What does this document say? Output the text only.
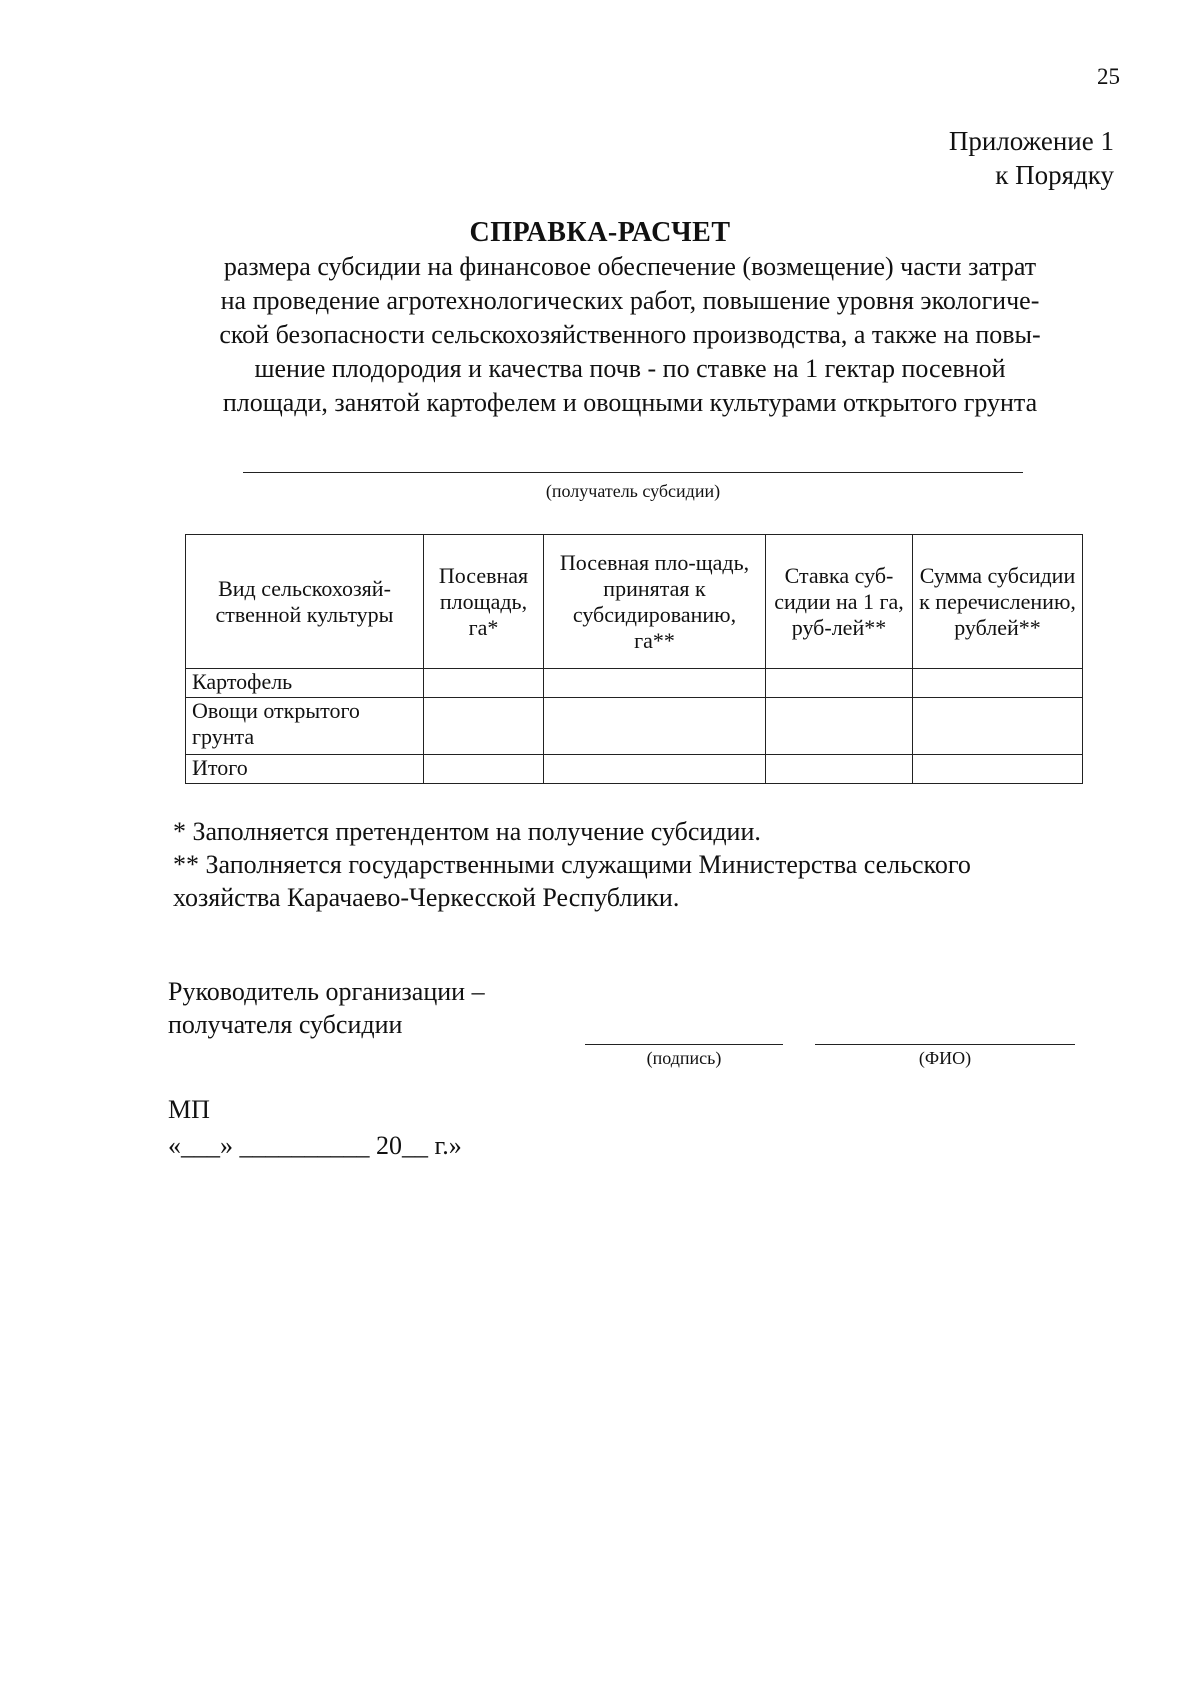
25
Приложение 1
к Порядку
СПРАВКА-РАСЧЕТ
размера субсидии на финансовое обеспечение (возмещение) части затрат
на проведение агротехнологических работ, повышение уровня экологиче-
ской безопасности сельскохозяйственного производства, а также на повы-
шение плодородия и качества почв - по ставке на 1 гектар посевной
площади, занятой картофелем и овощными культурами открытого грунта
(получатель субсидии)
Вид сельскохозяй-ственной культуры	Посевная площадь, га*	Посевная пло-щадь, принятая к субсидированию, га**	Ставка суб-сидии на 1 га, руб-лей**	Сумма субсидии к перечислению, рублей**
Картофель				
Овощи открытого грунта				
Итого				
* Заполняется претендентом на получение субсидии.
** Заполняется государственными служащими Министерства сельского
хозяйства Карачаево-Черкесской Республики.
Руководитель организации –
получателя субсидии
(подпись)	(ФИО)
МП
«___» __________ 20__ г.»
